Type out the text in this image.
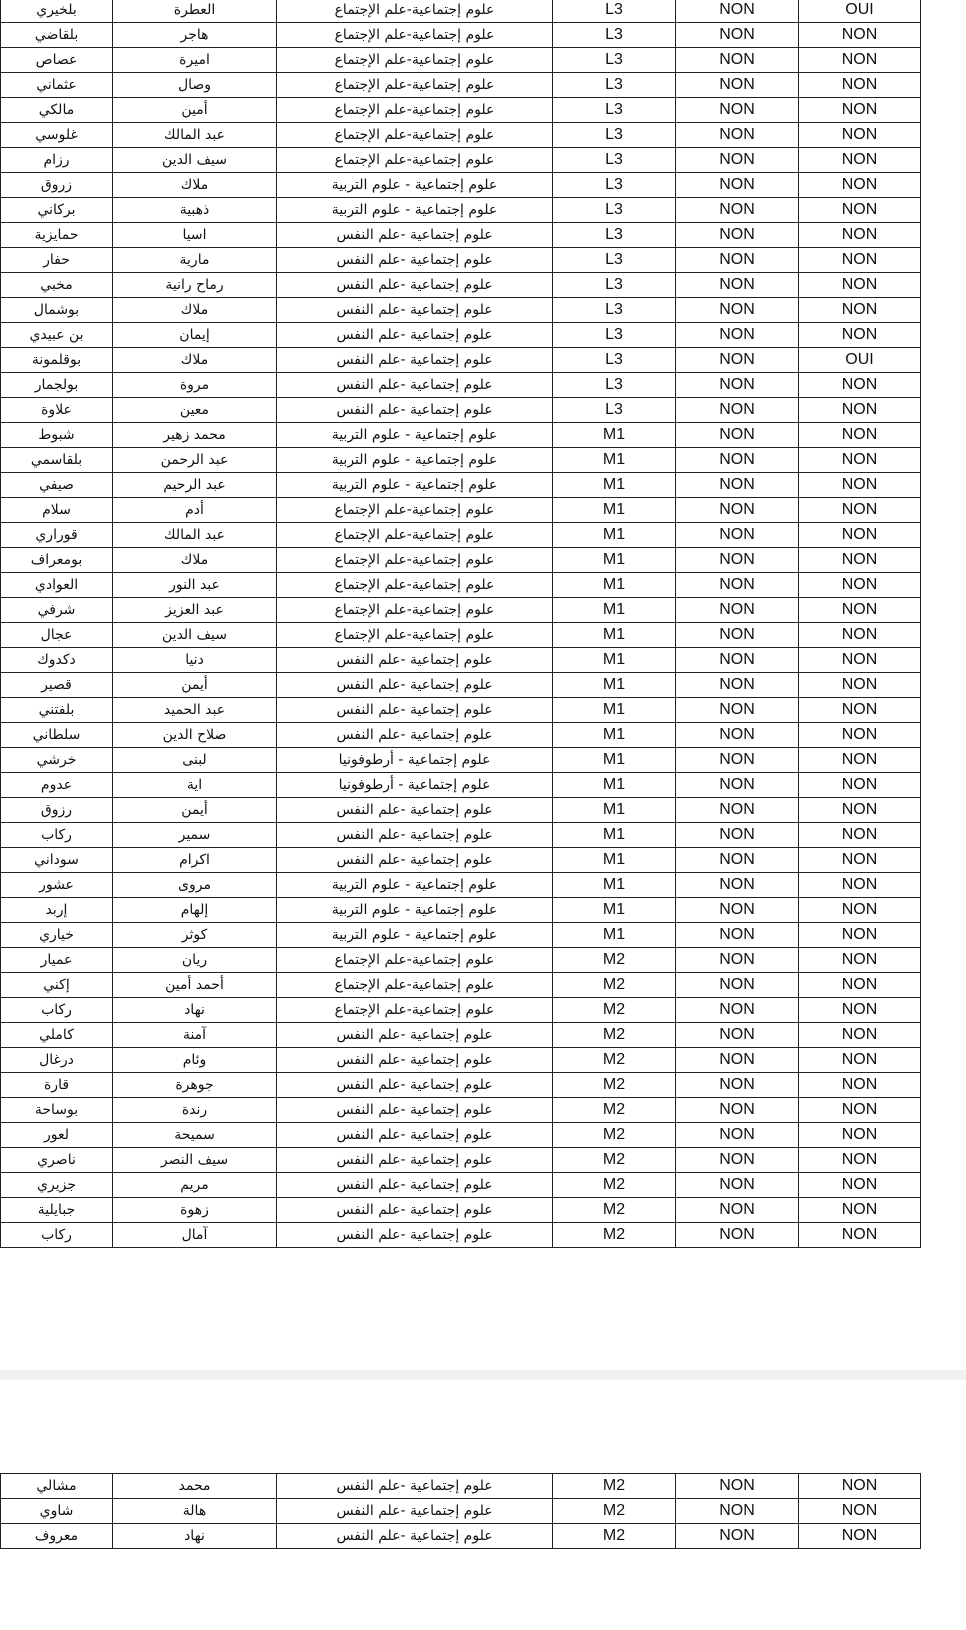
بلخيري	العطرة	علوم إجتماعية-علم الإجتماع	L3	NON	OUI
بلقاضي	هاجر	علوم إجتماعية-علم الإجتماع	L3	NON	NON
عصاص	اميرة	علوم إجتماعية-علم الإجتماع	L3	NON	NON
عثماني	وصال	علوم إجتماعية-علم الإجتماع	L3	NON	NON
مالكي	أمين	علوم إجتماعية-علم الإجتماع	L3	NON	NON
غلوسي	عبد المالك	علوم إجتماعية-علم الإجتماع	L3	NON	NON
رزام	سيف الدين	علوم إجتماعية-علم الإجتماع	L3	NON	NON
زروق	ملاك	علوم إجتماعية - علوم التربية	L3	NON	NON
بركاني	ذهبية	علوم إجتماعية - علوم التربية	L3	NON	NON
حمايزية	اسيا	علوم إجتماعية -علم النفس	L3	NON	NON
حفار	مارية	علوم إجتماعية -علم النفس	L3	NON	NON
مخبي	رماح رانية	علوم إجتماعية -علم النفس	L3	NON	NON
بوشمال	ملاك	علوم إجتماعية -علم النفس	L3	NON	NON
بن عبيدي	إيمان	علوم إجتماعية -علم النفس	L3	NON	NON
بوقلمونة	ملاك	علوم إجتماعية -علم النفس	L3	NON	OUI
بولجمار	مروة	علوم إجتماعية -علم النفس	L3	NON	NON
علاوة	معين	علوم إجتماعية -علم النفس	L3	NON	NON
شبوط	محمد زهير	علوم إجتماعية - علوم التربية	M1	NON	NON
بلقاسمي	عبد الرحمن	علوم إجتماعية - علوم التربية	M1	NON	NON
صيفي	عبد الرحيم	علوم إجتماعية - علوم التربية	M1	NON	NON
سلام	أدم	علوم إجتماعية-علم الإجتماع	M1	NON	NON
قوراري	عبد المالك	علوم إجتماعية-علم الإجتماع	M1	NON	NON
بومعراف	ملاك	علوم إجتماعية-علم الإجتماع	M1	NON	NON
العوادي	عبد النور	علوم إجتماعية-علم الإجتماع	M1	NON	NON
شرفي	عبد العزيز	علوم إجتماعية-علم الإجتماع	M1	NON	NON
عجال	سيف الدين	علوم إجتماعية-علم الإجتماع	M1	NON	NON
دكدوك	دنيا	علوم إجتماعية -علم النفس	M1	NON	NON
قصير	أيمن	علوم إجتماعية -علم النفس	M1	NON	NON
بلفتني	عبد الحميد	علوم إجتماعية -علم النفس	M1	NON	NON
سلطاني	صلاح الدين	علوم إجتماعية -علم النفس	M1	NON	NON
خرشي	لبنى	علوم إجتماعية - أرطوفونيا	M1	NON	NON
عدوم	اية	علوم إجتماعية - أرطوفونيا	M1	NON	NON
رزوق	أيمن	علوم إجتماعية -علم النفس	M1	NON	NON
ركاب	سمير	علوم إجتماعية -علم النفس	M1	NON	NON
سوداني	اكرام	علوم إجتماعية -علم النفس	M1	NON	NON
عشور	مروى	علوم إجتماعية - علوم التربية	M1	NON	NON
إربد	إلهام	علوم إجتماعية - علوم التربية	M1	NON	NON
خياري	كوثر	علوم إجتماعية - علوم التربية	M1	NON	NON
عميار	ريان	علوم إجتماعية-علم الإجتماع	M2	NON	NON
إكني	أحمد أمين	علوم إجتماعية-علم الإجتماع	M2	NON	NON
ركاب	نهاد	علوم إجتماعية-علم الإجتماع	M2	NON	NON
كاملي	آمنة	علوم إجتماعية -علم النفس	M2	NON	NON
درغال	وئام	علوم إجتماعية -علم النفس	M2	NON	NON
قارة	جوهرة	علوم إجتماعية -علم النفس	M2	NON	NON
بوساحة	رندة	علوم إجتماعية -علم النفس	M2	NON	NON
لعور	سميحة	علوم إجتماعية -علم النفس	M2	NON	NON
ناصري	سيف النصر	علوم إجتماعية -علم النفس	M2	NON	NON
جزيري	مريم	علوم إجتماعية -علم النفس	M2	NON	NON
جبايلية	زهوة	علوم إجتماعية -علم النفس	M2	NON	NON
ركاب	آمال	علوم إجتماعية -علم النفس	M2	NON	NON
مشالي	محمد	علوم إجتماعية -علم النفس	M2	NON	NON
شاوي	هالة	علوم إجتماعية -علم النفس	M2	NON	NON
معروف	نهاد	علوم إجتماعية -علم النفس	M2	NON	NON
